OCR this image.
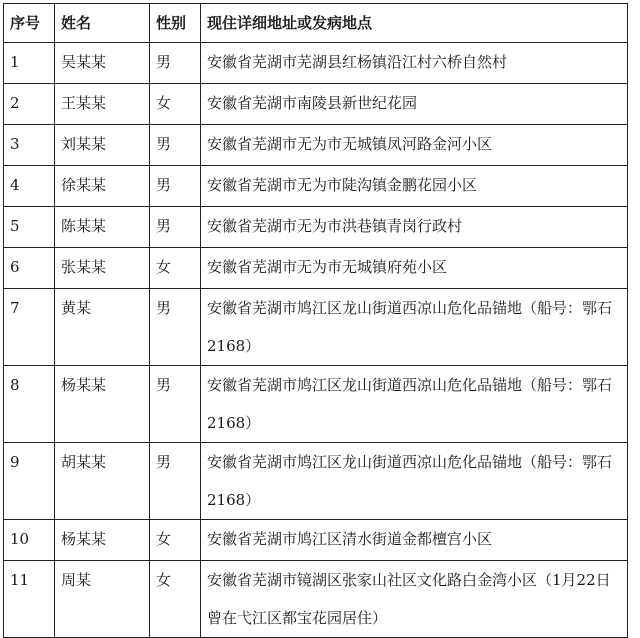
序号	姓名	性别	现住详细地址或发病地点
1	吴某某	男	安徽省芜湖市芜湖县红杨镇沿江村六桥自然村
2	王某某	女	安徽省芜湖市南陵县新世纪花园
3	刘某某	男	安徽省芜湖市无为市无城镇凤河路金河小区
4	徐某某	男	安徽省芜湖市无为市陡沟镇金鹏花园小区
5	陈某某	男	安徽省芜湖市无为市洪巷镇青岗行政村
6	张某某	女	安徽省芜湖市无为市无城镇府苑小区
7	黄某	男	安徽省芜湖市鸠江区龙山街道西凉山危化品锚地（船号：鄂石 2168）
8	杨某某	男	安徽省芜湖市鸠江区龙山街道西凉山危化品锚地（船号：鄂石 2168）
9	胡某某	男	安徽省芜湖市鸠江区龙山街道西凉山危化品锚地（船号：鄂石 2168）
10	杨某某	女	安徽省芜湖市鸠江区清水街道金都檀宫小区
11	周某	女	安徽省芜湖市镜湖区张家山社区文化路白金湾小区（1月22日曾在弋江区都宝花园居住）
